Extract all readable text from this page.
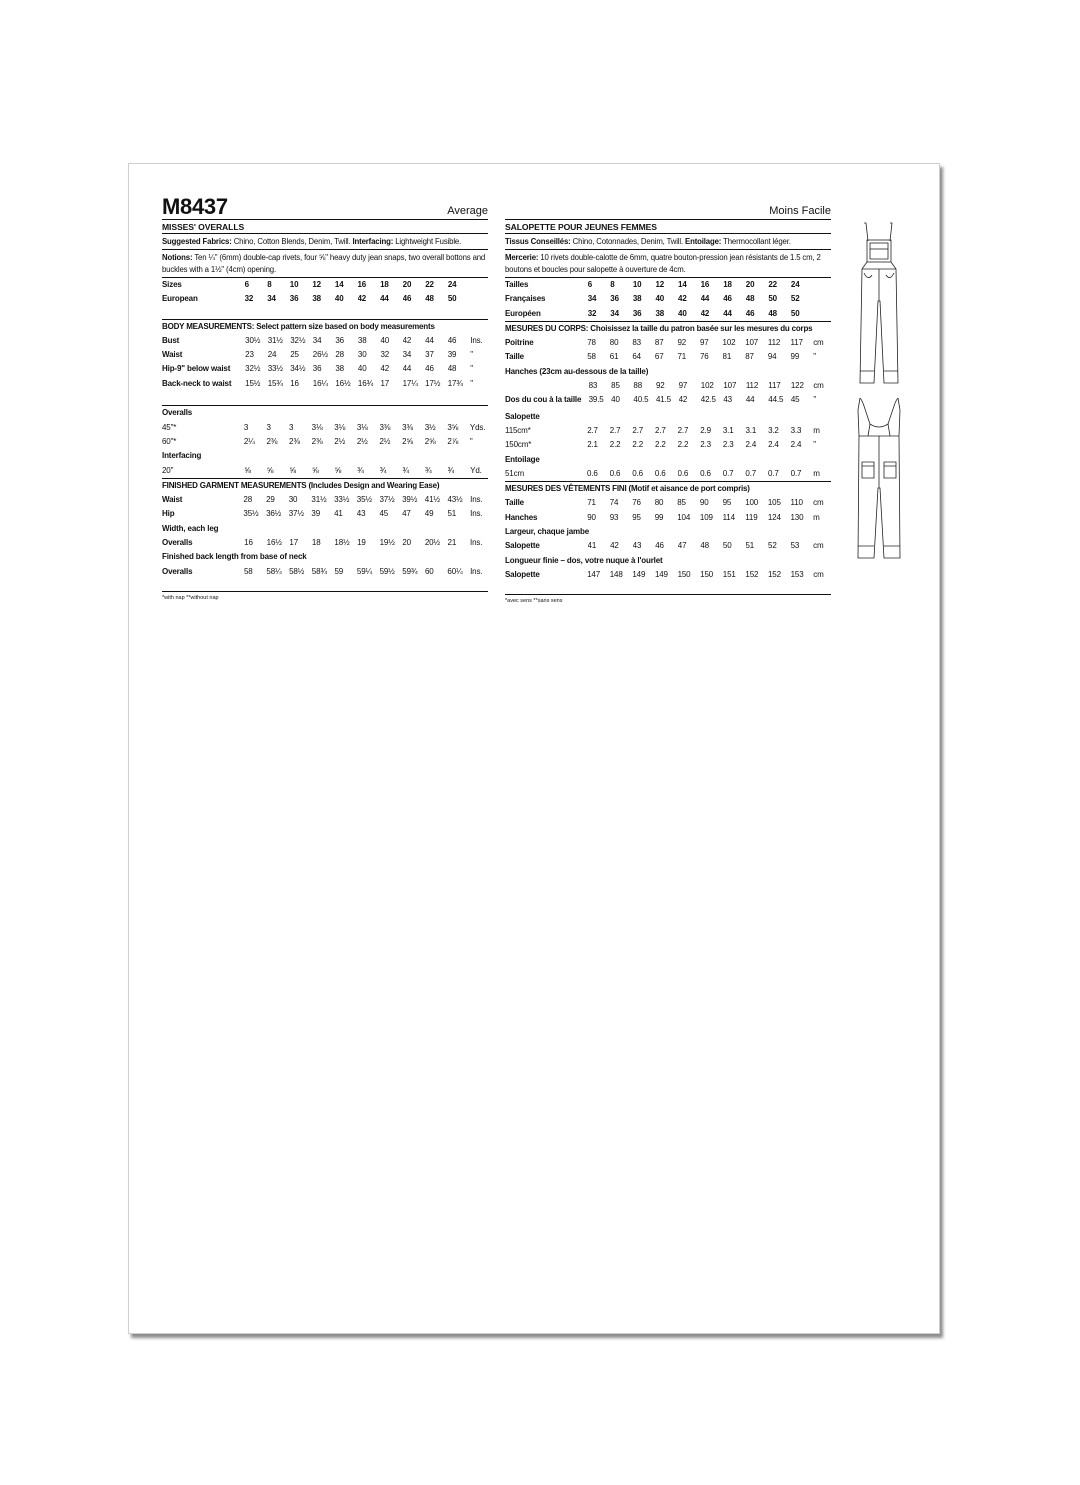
M8437	Average
MISSES' OVERALLS
Suggested Fabrics: Chino, Cotton Blends, Denim, Twill. Interfacing: Lightweight Fusible.
Notions: Ten ¼" (6mm) double-cap rivets, four ⅝" heavy duty jean snaps, two overall bottons and buckles with a 1½" (4cm) opening.
Sizes	6	8	10	12	14	16	18	20	22	24	
European	32	34	36	38	40	42	44	46	48	50	
BODY MEASUREMENTS: Select pattern size based on body measurements
Bust	30½	31½	32½	34	36	38	40	42	44	46	Ins.
Waist	23	24	25	26½	28	30	32	34	37	39	"
Hip-9" below waist	32½	33½	34½	36	38	40	42	44	46	48	"
Back-neck to waist	15½	15¾	16	16¼	16½	16¾	17	17¼	17½	17¾	"
Overalls
45"*	3	3	3	3⅛	3⅛	3⅛	3⅜	3⅜	3½	3⅝	Yds.
60"*	2¼	2⅜	2⅜	2⅜	2½	2½	2½	2⅝	2⅝	2⅞	"
Interfacing
20"	⅝	⅝	⅝	⅝	⅝	¾	¾	¾	¾	¾	Yd.
FINISHED GARMENT MEASUREMENTS (Includes Design and Wearing Ease)
Waist	28	29	30	31½	33½	35½	37½	39½	41½	43½	Ins.
Hip	35½	36½	37½	39	41	43	45	47	49	51	Ins.
Width, each leg
Overalls	16	16½	17	18	18½	19	19½	20	20½	21	Ins.
Finished back length from base of neck
Overalls	58	58¼	58½	58¾	59	59¼	59½	59¾	60	60¼	Ins.
*with nap **without nap
Moins Facile
SALOPETTE POUR JEUNES FEMMES
Tissus Conseillés: Chino, Cotonnades, Denim, Twill. Entoilage: Thermocollant léger.
Mercerie: 10 rivets double-calotte de 6mm, quatre bouton-pression jean résistants de 1.5 cm, 2 boutons et boucles pour salopette à ouverture de 4cm.
Tailles	6	8	10	12	14	16	18	20	22	24	
Françaises	34	36	38	40	42	44	46	48	50	52	
Européen	32	34	36	38	40	42	44	46	48	50	
MESURES DU CORPS: Choisissez la taille du patron basée sur les mesures du corps
Poitrine	78	80	83	87	92	97	102	107	112	117	cm
Taille	58	61	64	67	71	76	81	87	94	99	"
Hanches (23cm au-dessous de la taille)
	83	85	88	92	97	102	107	112	117	122	cm
Dos du cou à la taille	39.5	40	40.5	41.5	42	42.5	43	44	44.5	45	"
Salopette
115cm*	2.7	2.7	2.7	2.7	2.7	2.9	3.1	3.1	3.2	3.3	m
150cm*	2.1	2.2	2.2	2.2	2.2	2.3	2.3	2.4	2.4	2.4	"
Entoilage
51cm	0.6	0.6	0.6	0.6	0.6	0.6	0.7	0.7	0.7	0.7	m
MESURES DES VÊTEMENTS FINI (Motif et aisance de port compris)
Taille	71	74	76	80	85	90	95	100	105	110	cm
Hanches	90	93	95	99	104	109	114	119	124	130	m
Largeur, chaque jambe
Salopette	41	42	43	46	47	48	50	51	52	53	cm
Longueur finie – dos, votre nuque à l'ourlet
Salopette	147	148	149	149	150	150	151	152	152	153	cm
*avec sens **sans sens
